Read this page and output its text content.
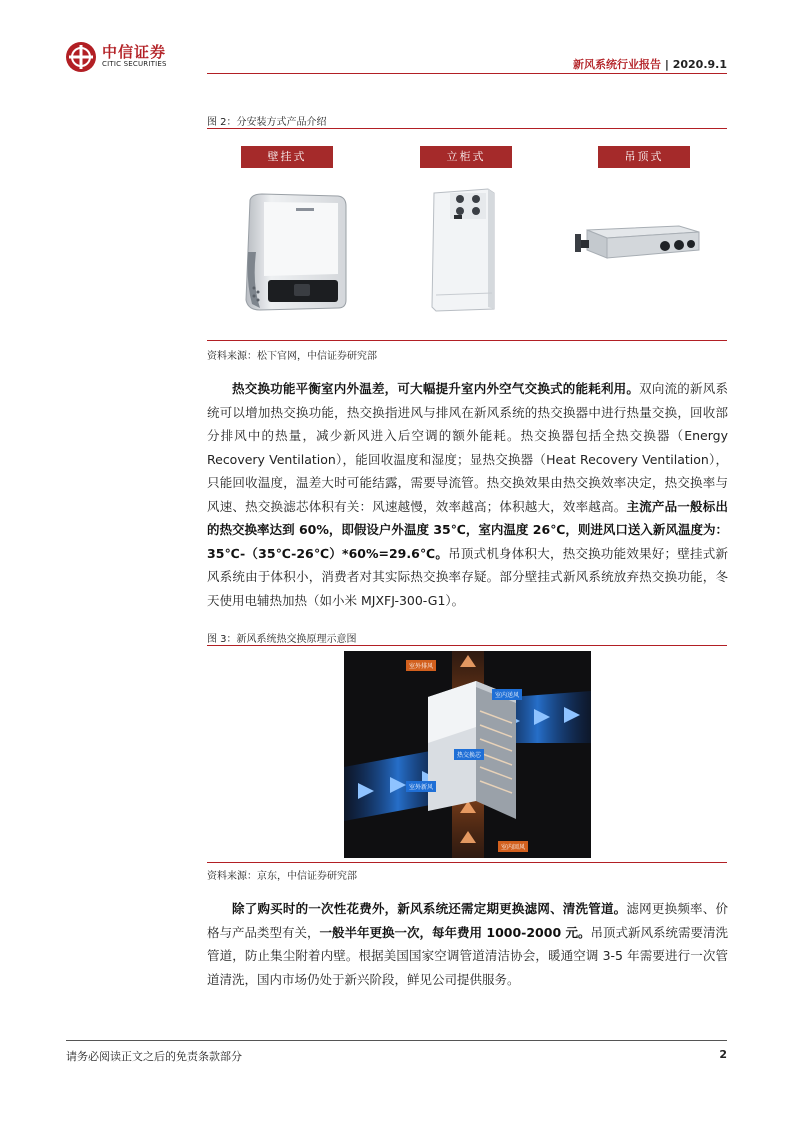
中信证券
CITIC SECURITIES	新风系统行业报告 | 2020.9.1
图 2：分安装方式产品介绍
壁挂式	立柜式	吊顶式
资料来源：松下官网，中信证券研究部
热交换功能平衡室内外温差，可大幅提升室内外空气交换式的能耗利用。双向流的新风系统可以增加热交换功能，热交换指进风与排风在新风系统的热交换器中进行热量交换，回收部分排风中的热量，减少新风进入后空调的额外能耗。热交换器包括全热交换器（Energy Recovery Ventilation），能回收温度和湿度；显热交换器（Heat Recovery Ventilation），只能回收温度，温差大时可能结露，需要导流管。热交换效果由热交换效率决定，热交换率与风速、热交换滤芯体积有关：风速越慢，效率越高；体积越大，效率越高。主流产品一般标出的热交换率达到 60%，即假设户外温度 35℃，室内温度 26℃，则进风口送入新风温度为：35℃-（35℃-26℃）*60%=29.6℃。吊顶式机身体积大，热交换功能效果好；壁挂式新风系统由于体积小，消费者对其实际热交换率存疑。部分壁挂式新风系统放弃热交换功能，冬天使用电辅热加热（如小米 MJXFJ-300-G1）。
图 3：新风系统热交换原理示意图
室外排风
室内送风
热交换芯
室外新风
室内回风
资料来源：京东，中信证券研究部
除了购买时的一次性花费外，新风系统还需定期更换滤网、清洗管道。滤网更换频率、价格与产品类型有关，一般半年更换一次，每年费用 1000-2000 元。吊顶式新风系统需要清洗管道，防止集尘附着内壁。根据美国国家空调管道清洁协会，暖通空调 3-5 年需要进行一次管道清洗，国内市场仍处于新兴阶段，鲜见公司提供服务。
请务必阅读正文之后的免责条款部分	2
